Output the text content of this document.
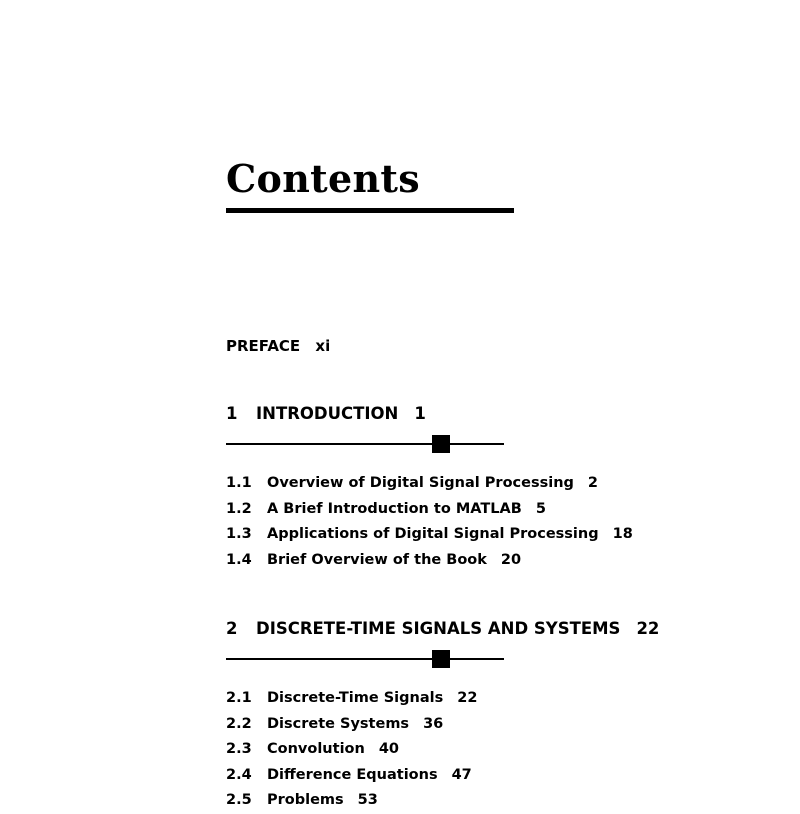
Contents
PREFACE xi
1 INTRODUCTION 1
1.1 Overview of Digital Signal Processing 2
1.2 A Brief Introduction to MATLAB 5
1.3 Applications of Digital Signal Processing 18
1.4 Brief Overview of the Book 20
2 DISCRETE-TIME SIGNALS AND SYSTEMS 22
2.1 Discrete-Time Signals 22
2.2 Discrete Systems 36
2.3 Convolution 40
2.4 Difference Equations 47
2.5 Problems 53
